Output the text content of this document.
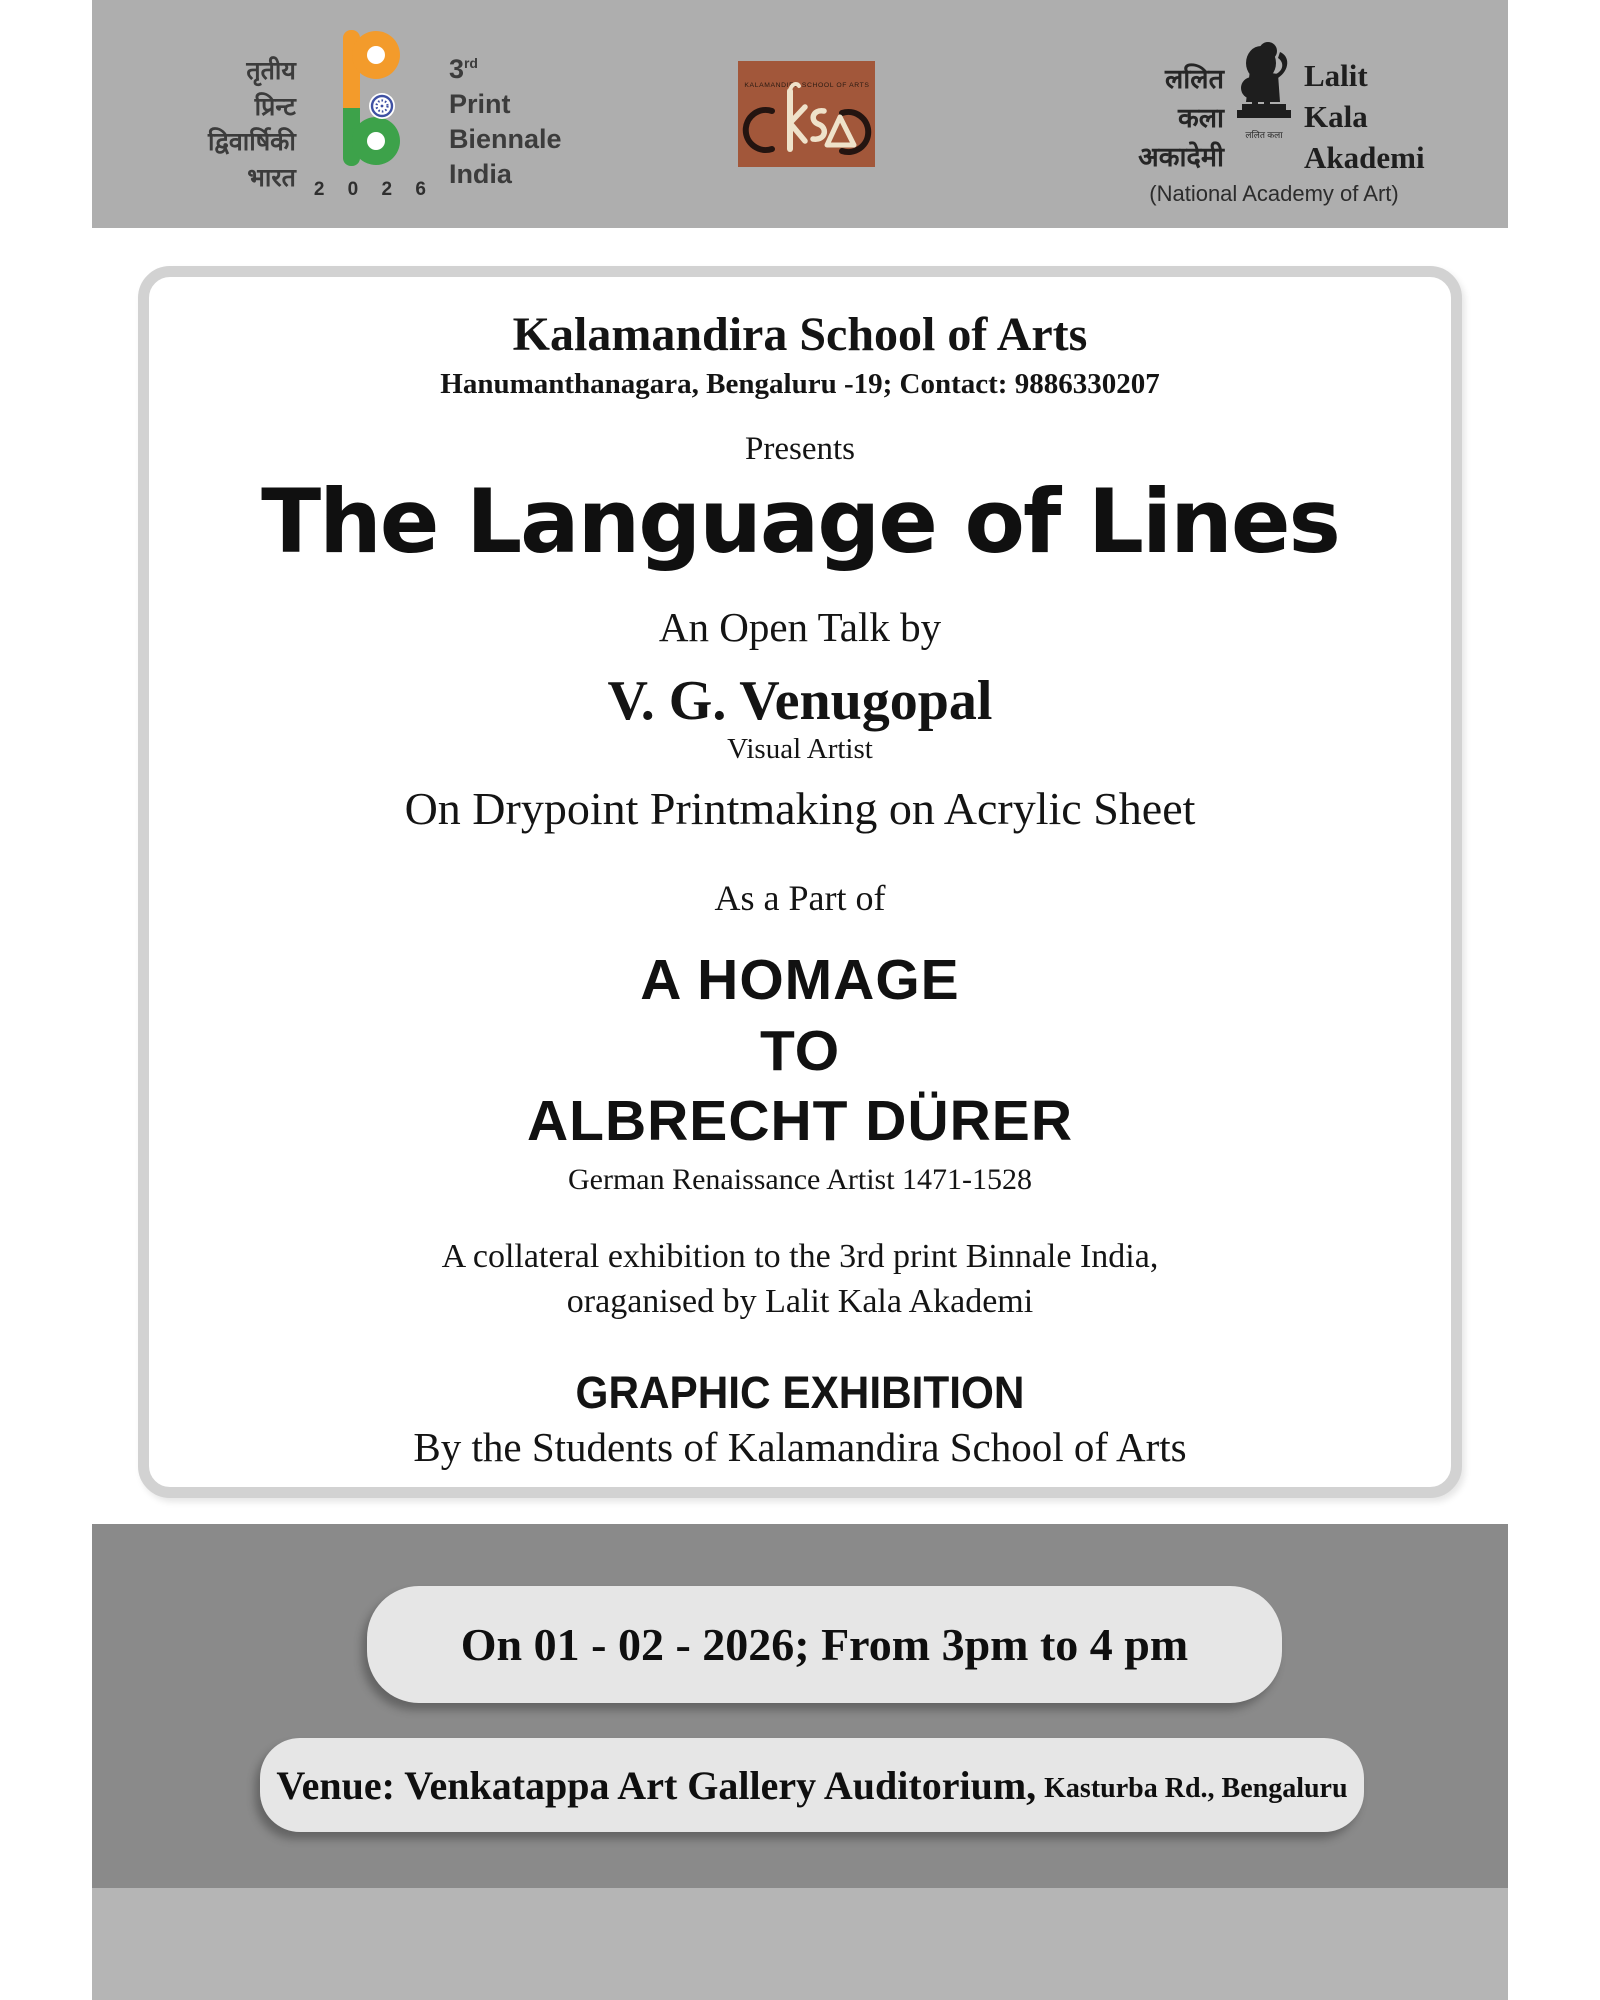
तृतीय
प्रिन्ट
द्विवार्षिकी
भारत 2 0 2 6
3rd
Print
Biennale
India
KALAMANDIRA SCHOOL OF ARTS	ललित
कला
अकादेमी
ललित कला
Lalit
Kala
Akademi
(National Academy of Art)
Kalamandira School of Arts
Hanumanthanagara, Bengaluru -19; Contact: 9886330207
Presents
The Language of Lines
An Open Talk by
V. G. Venugopal
Visual Artist
On Drypoint Printmaking on Acrylic Sheet
As a Part of
A HOMAGE
TO
ALBRECHT DÜRER
German Renaissance Artist 1471-1528
A collateral exhibition to the 3rd print Binnale India,
oraganised by Lalit Kala Akademi
GRAPHIC EXHIBITION
By the Students of Kalamandira School of Arts
On 01 - 02 - 2026; From 3pm to 4 pm
Venue: Venkatappa Art Gallery Auditorium, Kasturba Rd., Bengaluru
